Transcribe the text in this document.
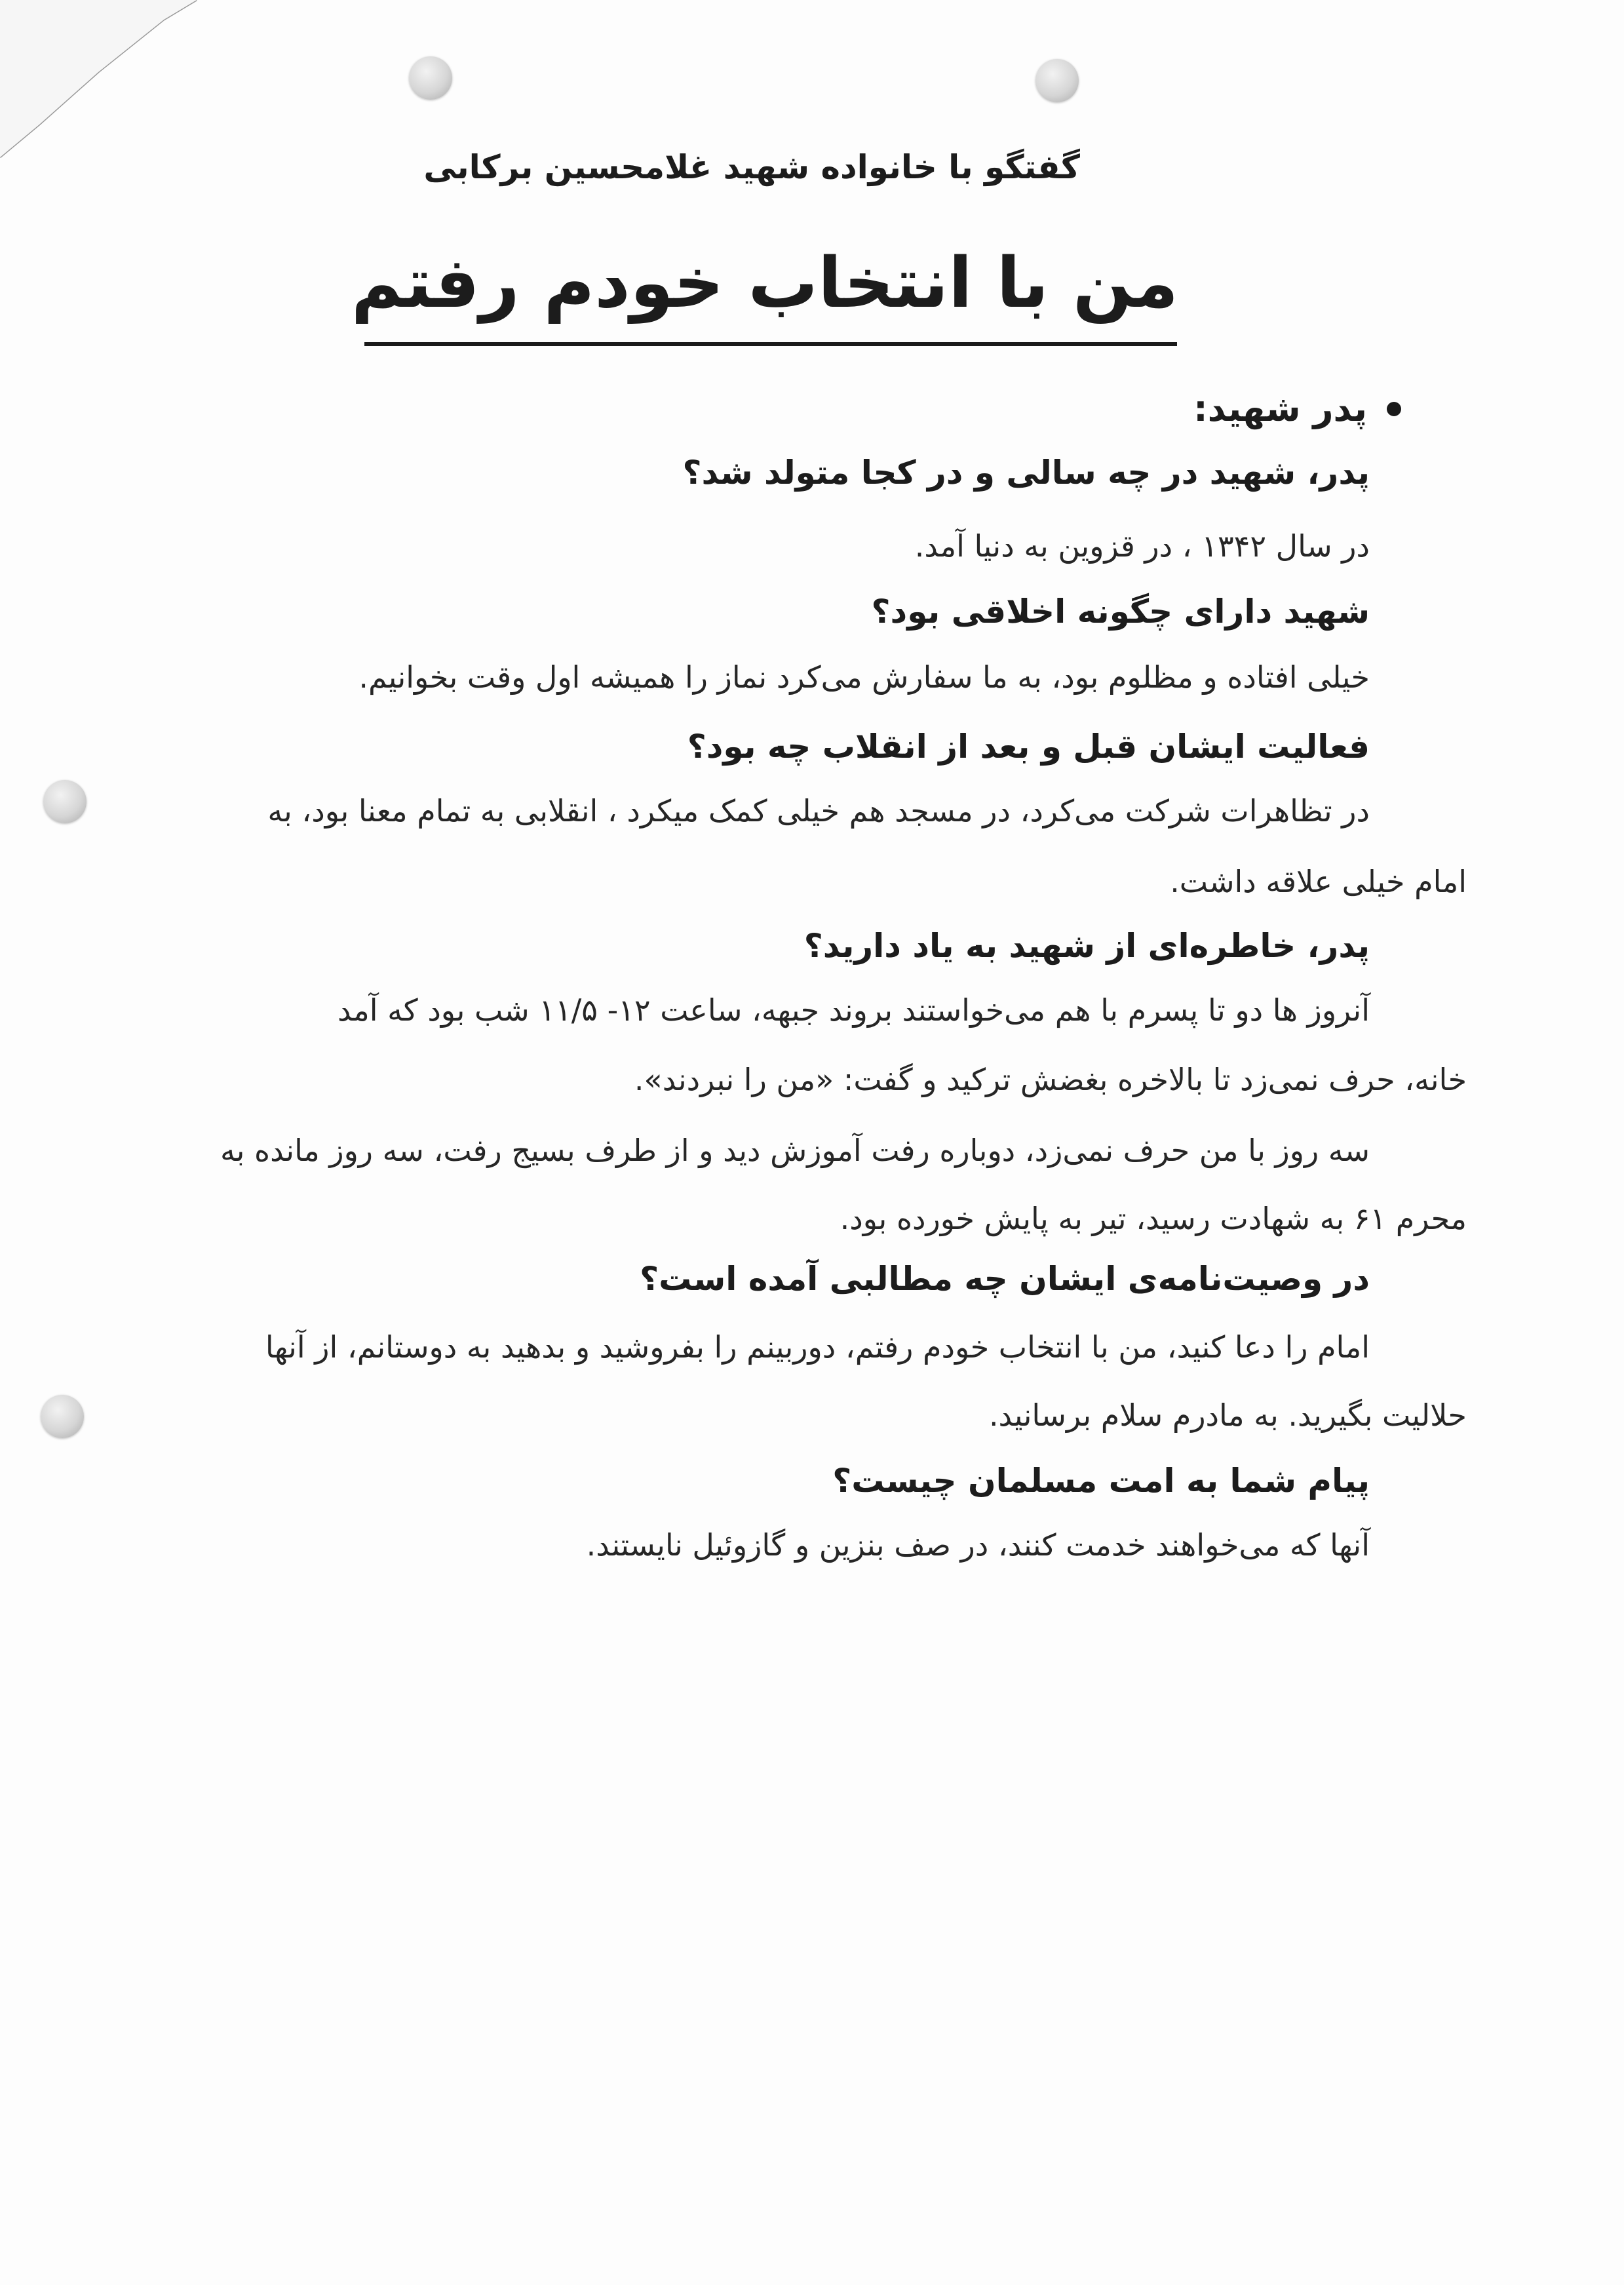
گفتگو با خانواده شهید غلامحسین برکابی
من با انتخاب خودم رفتم
پدر شهید:
پدر، شهید در چه سالی و در کجا متولد شد؟
در سال ۱۳۴۲ ، در قزوین به دنیا آمد.
شهید دارای چگونه اخلاقی بود؟
خیلی افتاده و مظلوم بود، به ما سفارش می‌کرد نماز را همیشه اول وقت بخوانیم.
فعالیت ایشان قبل و بعد از انقلاب چه بود؟
در تظاهرات شرکت می‌کرد، در مسجد هم خیلی کمک میکرد ، انقلابی به تمام معنا بود، به
امام خیلی علاقه داشت.
پدر، خاطره‌ای از شهید به یاد دارید؟
آنروز ها دو تا پسرم با هم می‌خواستند بروند جبهه، ساعت ۱۲- ۱۱/۵ شب بود که آمد
خانه، حرف نمی‌زد تا بالاخره بغضش ترکید و گفت: «من را نبردند».
سه روز با من حرف نمی‌زد، دوباره رفت آموزش دید و از طرف بسیج رفت، سه روز مانده به
محرم ۶۱ به شهادت رسید، تیر به پایش خورده بود.
در وصیت‌نامه‌ی ایشان چه مطالبی آمده است؟
امام را دعا کنید، من با انتخاب خودم رفتم، دوربینم را بفروشید و بدهید به دوستانم، از آنها
حلالیت بگیرید. به مادرم سلام برسانید.
پیام شما به امت مسلمان چیست؟
آنها که می‌خواهند خدمت کنند، در صف بنزین و گازوئیل نایستند.
